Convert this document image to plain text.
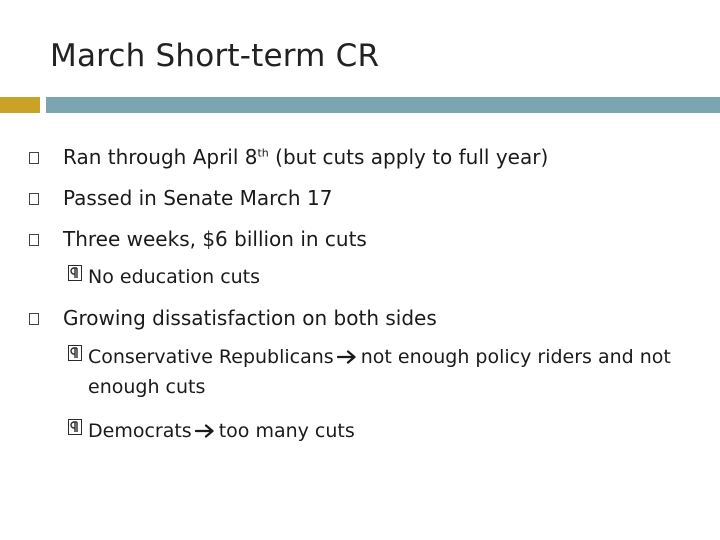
March Short-term CR
Ran through April 8th (but cuts apply to full year)
Passed in Senate March 17
Three weeks, $6 billion in cuts
No education cuts
Growing dissatisfaction on both sides
Conservative Republicans not enough policy riders and not enough cuts
Democrats too many cuts
